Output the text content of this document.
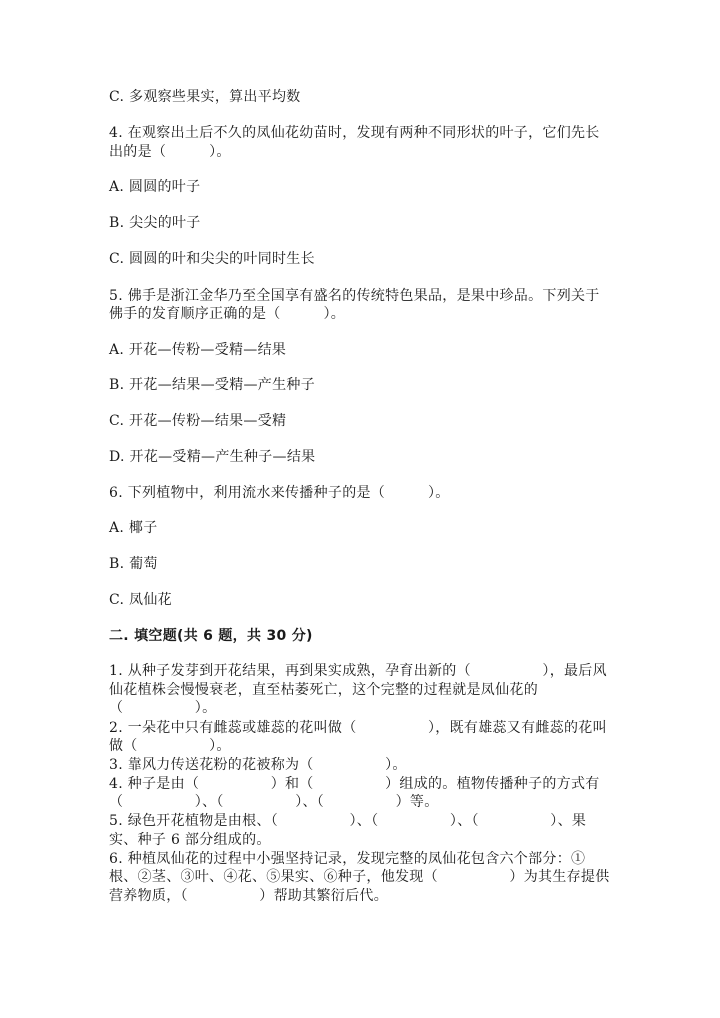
C. 多观察些果实，算出平均数
4. 在观察出土后不久的凤仙花幼苗时，发现有两种不同形状的叶子，它们先长
出的是（　　　）。
A. 圆圆的叶子
B. 尖尖的叶子
C. 圆圆的叶和尖尖的叶同时生长
5. 佛手是浙江金华乃至全国享有盛名的传统特色果品，是果中珍品。下列关于
佛手的发育顺序正确的是（　　　）。
A. 开花—传粉—受精—结果
B. 开花—结果—受精—产生种子
C. 开花—传粉—结果—受精
D. 开花—受精—产生种子—结果
6. 下列植物中，利用流水来传播种子的是（　　　）。
A. 椰子
B. 葡萄
C. 凤仙花
二. 填空题(共 6 题，共 30 分)
1. 从种子发芽到开花结果，再到果实成熟，孕育出新的（　　　　　），最后风
仙花植株会慢慢衰老，直至枯萎死亡，这个完整的过程就是凤仙花的
（　　　　　）。
2. 一朵花中只有雌蕊或雄蕊的花叫做（　　　　　），既有雄蕊又有雌蕊的花叫
做（　　　　　）。
3. 靠风力传送花粉的花被称为（　　　　　）。
4. 种子是由（　　　　　）和（　　　　　）组成的。植物传播种子的方式有
（　　　　　）、（　　　　　）、（　　　　　）等。
5. 绿色开花植物是由根、（　　　　　）、（　　　　　）、（　　　　　）、果
实、种子 6 部分组成的。
6. 种植凤仙花的过程中小强坚持记录，发现完整的凤仙花包含六个部分：①
根、②茎、③叶、④花、⑤果实、⑥种子，他发现（　　　　　）为其生存提供
营养物质，（　　　　　）帮助其繁衍后代。
